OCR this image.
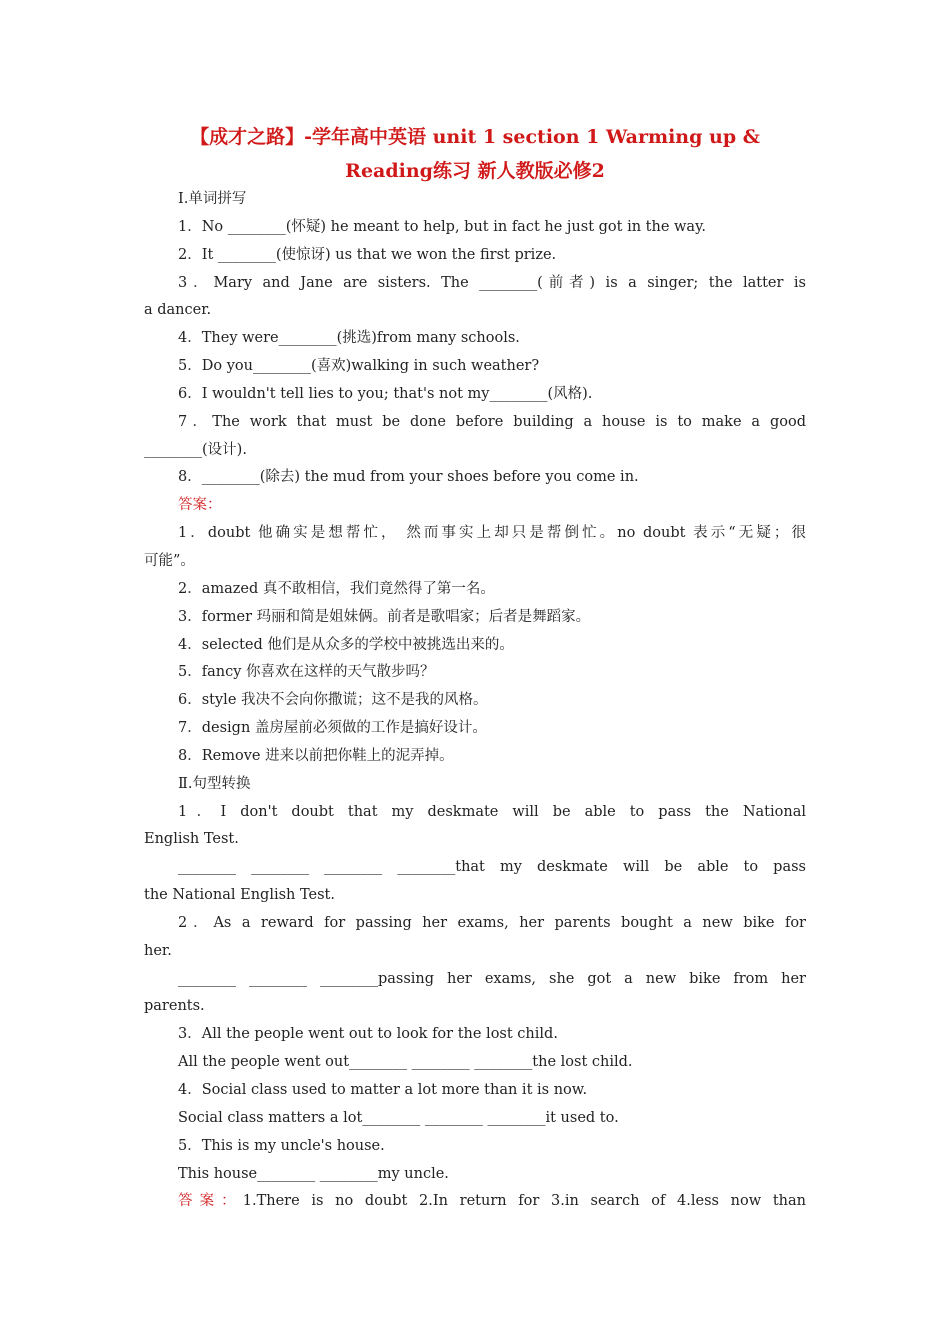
【成才之路】-学年高中英语 unit 1 section 1 Warming up &
Reading练习 新人教版必修2
Ⅰ.单词拼写
1．No ________(怀疑) he meant to help, but in fact he just got in the way.
2．It ________(使惊讶) us that we won the first prize.
3．Mary and Jane are sisters. The ________(前者) is a singer; the latter is
a dancer.
4．They were________(挑选)from many schools.
5．Do you________(喜欢)walking in such weather?
6．I wouldn't tell lies to you; that's not my________(风格).
7．The work that must be done before building a house is to make a good
________(设计).
8．________(除去) the mud from your shoes before you come in.
答案：
1．doubt 他确实是想帮忙， 然而事实上却只是帮倒忙。no doubt 表示“无疑；很
可能”。
2．amazed 真不敢相信，我们竟然得了第一名。
3．former 玛丽和简是姐妹俩。前者是歌唱家；后者是舞蹈家。
4．selected 他们是从众多的学校中被挑选出来的。
5．fancy 你喜欢在这样的天气散步吗？
6．style 我决不会向你撒谎；这不是我的风格。
7．design 盖房屋前必须做的工作是搞好设计。
8．Remove 进来以前把你鞋上的泥弄掉。
Ⅱ.句型转换
1．I don't doubt that my deskmate will be able to pass the National
English Test.
________ ________ ________ ________that my deskmate will be able to pass
the National English Test.
2．As a reward for passing her exams, her parents bought a new bike for
her.
________ ________ ________passing her exams, she got a new bike from her
parents.
3．All the people went out to look for the lost child.
All the people went out________ ________ ________the lost child.
4．Social class used to matter a lot more than it is now.
Social class matters a lot________ ________ ________it used to.
5．This is my uncle's house.
This house________ ________my uncle.
答案：1.There is no doubt 2.In return for 3.in search of 4.less now than
